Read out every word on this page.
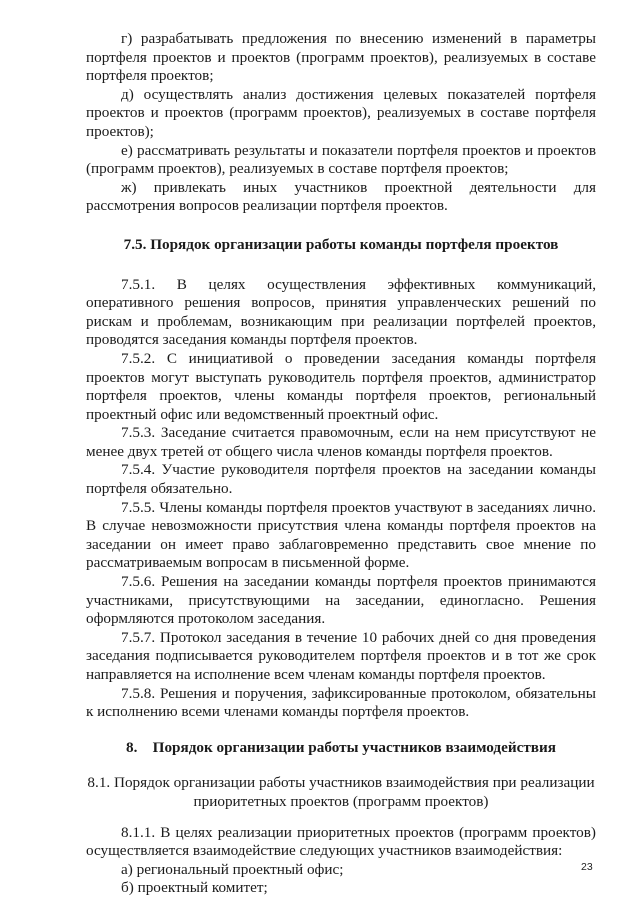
г) разрабатывать предложения по внесению изменений в параметры портфеля проектов и проектов (программ проектов), реализуемых в составе портфеля проектов;

д) осуществлять анализ достижения целевых показателей портфеля проектов и проектов (программ проектов), реализуемых в составе портфеля проектов);

е) рассматривать результаты и показатели портфеля проектов и проектов (программ проектов), реализуемых в составе портфеля проектов;

ж) привлекать иных участников проектной деятельности для рассмотрения вопросов реализации портфеля проектов.

7.5. Порядок организации работы команды портфеля проектов

7.5.1. В целях осуществления эффективных коммуникаций, оперативного решения вопросов, принятия управленческих решений по рискам и проблемам, возникающим при реализации портфелей проектов, проводятся заседания команды портфеля проектов.

7.5.2. С инициативой о проведении заседания команды портфеля проектов могут выступать руководитель портфеля проектов, администратор портфеля проектов, члены команды портфеля проектов, региональный проектный офис или ведомственный проектный офис.

7.5.3. Заседание считается правомочным, если на нем присутствуют не менее двух третей от общего числа членов команды портфеля проектов.

7.5.4. Участие руководителя портфеля проектов на заседании команды портфеля обязательно.

7.5.5. Члены команды портфеля проектов участвуют в заседаниях лично. В случае невозможности присутствия члена команды портфеля проектов на заседании он имеет право заблаговременно представить свое мнение по рассматриваемым вопросам в письменной форме.

7.5.6. Решения на заседании команды портфеля проектов принимаются участниками, присутствующими на заседании, единогласно. Решения оформляются протоколом заседания.

7.5.7. Протокол заседания в течение 10 рабочих дней со дня проведения заседания подписывается руководителем портфеля проектов и в тот же срок направляется на исполнение всем членам команды портфеля проектов.

7.5.8. Решения и поручения, зафиксированные протоколом, обязательны к исполнению всеми членами команды портфеля проектов.

8.    Порядок организации работы участников взаимодействия
8.1. Порядок организации работы участников взаимодействия при реализации
приоритетных проектов (программ проектов)

8.1.1. В целях реализации приоритетных проектов (программ проектов) осуществляется взаимодействие следующих участников взаимодействия:

а) региональный проектный офис;

б) проектный комитет;

23
